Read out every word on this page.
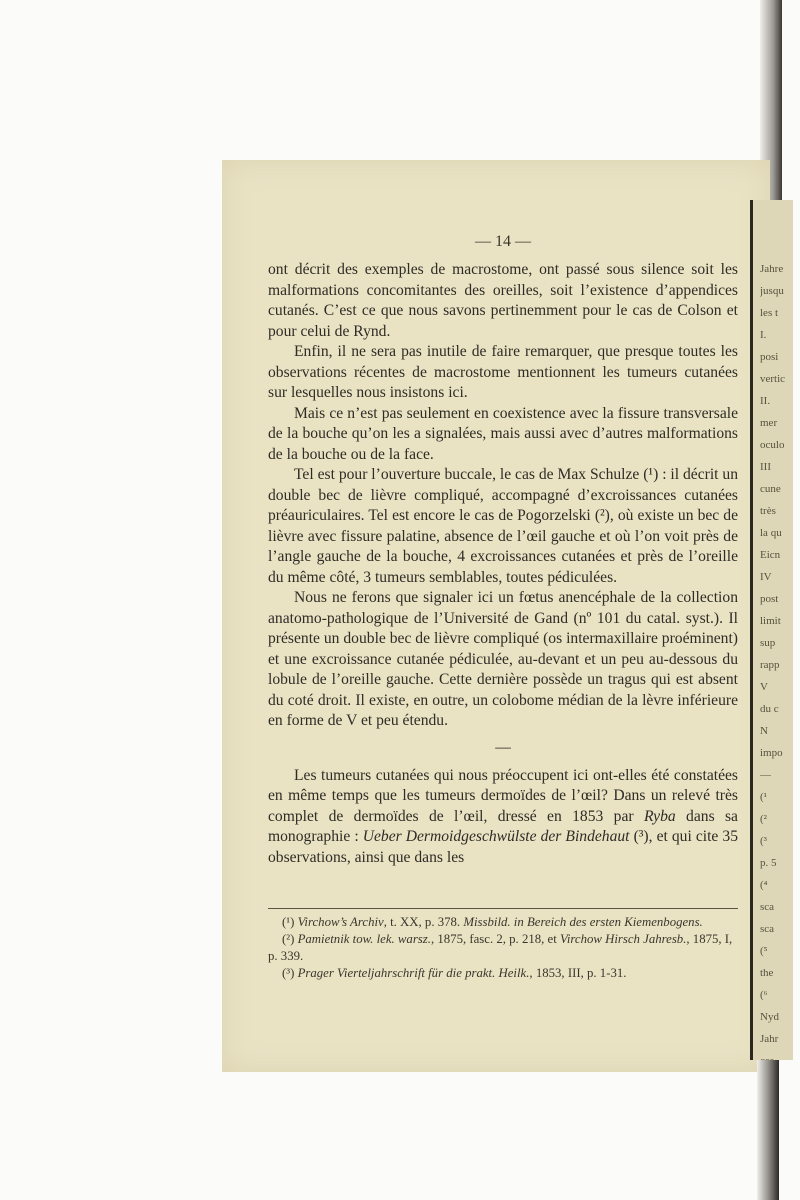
Jahre
jusqu
les t
I.
posi
vertic
II.
mer
oculo
III
cune
très
la qu
Eicn
IV
post
limit
sup
rapp
V
du c
N
impo
—
(¹
(²
(³
p. 5
(⁴
sca
sca
(⁵
the
(⁶
Nyd
Jahr
— 14 —

ont décrit des exemples de macrostome, ont passé sous silence soit les malformations concomitantes des oreilles, soit l’existence d’appendices cutanés. C’est ce que nous savons pertinemment pour le cas de Colson et pour celui de Rynd.

Enfin, il ne sera pas inutile de faire remarquer, que presque toutes les observations récentes de macrostome mentionnent les tumeurs cutanées sur lesquelles nous insistons ici.

Mais ce n’est pas seulement en coexistence avec la fissure transversale de la bouche qu’on les a signalées, mais aussi avec d’autres malformations de la bouche ou de la face.

Tel est pour l’ouverture buccale, le cas de Max Schulze (¹) : il décrit un double bec de lièvre compliqué, accompagné d’excroissances cutanées préauriculaires. Tel est encore le cas de Pogorzelski (²), où existe un bec de lièvre avec fissure palatine, absence de l’œil gauche et où l’on voit près de l’angle gauche de la bouche, 4 excroissances cutanées et près de l’oreille du même côté, 3 tumeurs semblables, toutes pédiculées.

Nous ne ferons que signaler ici un fœtus anencéphale de la collection anatomo-pathologique de l’Université de Gand (nº 101 du catal. syst.). Il présente un double bec de lièvre compliqué (os intermaxillaire proéminent) et une excroissance cutanée pédiculée, au-devant et un peu au-dessous du lobule de l’oreille gauche. Cette dernière possède un tragus qui est absent du coté droit. Il existe, en outre, un colobome médian de la lèvre inférieure en forme de V et peu étendu.

—

Les tumeurs cutanées qui nous préoccupent ici ont-elles été constatées en même temps que les tumeurs dermoïdes de l’œil? Dans un relevé très complet de dermoïdes de l’œil, dressé en 1853 par Ryba dans sa monographie : Ueber Dermoidgeschwülste der Bindehaut (³), et qui cite 35 observations, ainsi que dans les

(¹) Virchow’s Archiv, t. XX, p. 378. Missbild. in Bereich des ersten Kiemenbogens.

(²) Pamietnik tow. lek. warsz., 1875, fasc. 2, p. 218, et Virchow Hirsch Jahresb., 1875, I, p. 339.

(³) Prager Vierteljahrschrift für die prakt. Heilk., 1853, III, p. 1-31.
